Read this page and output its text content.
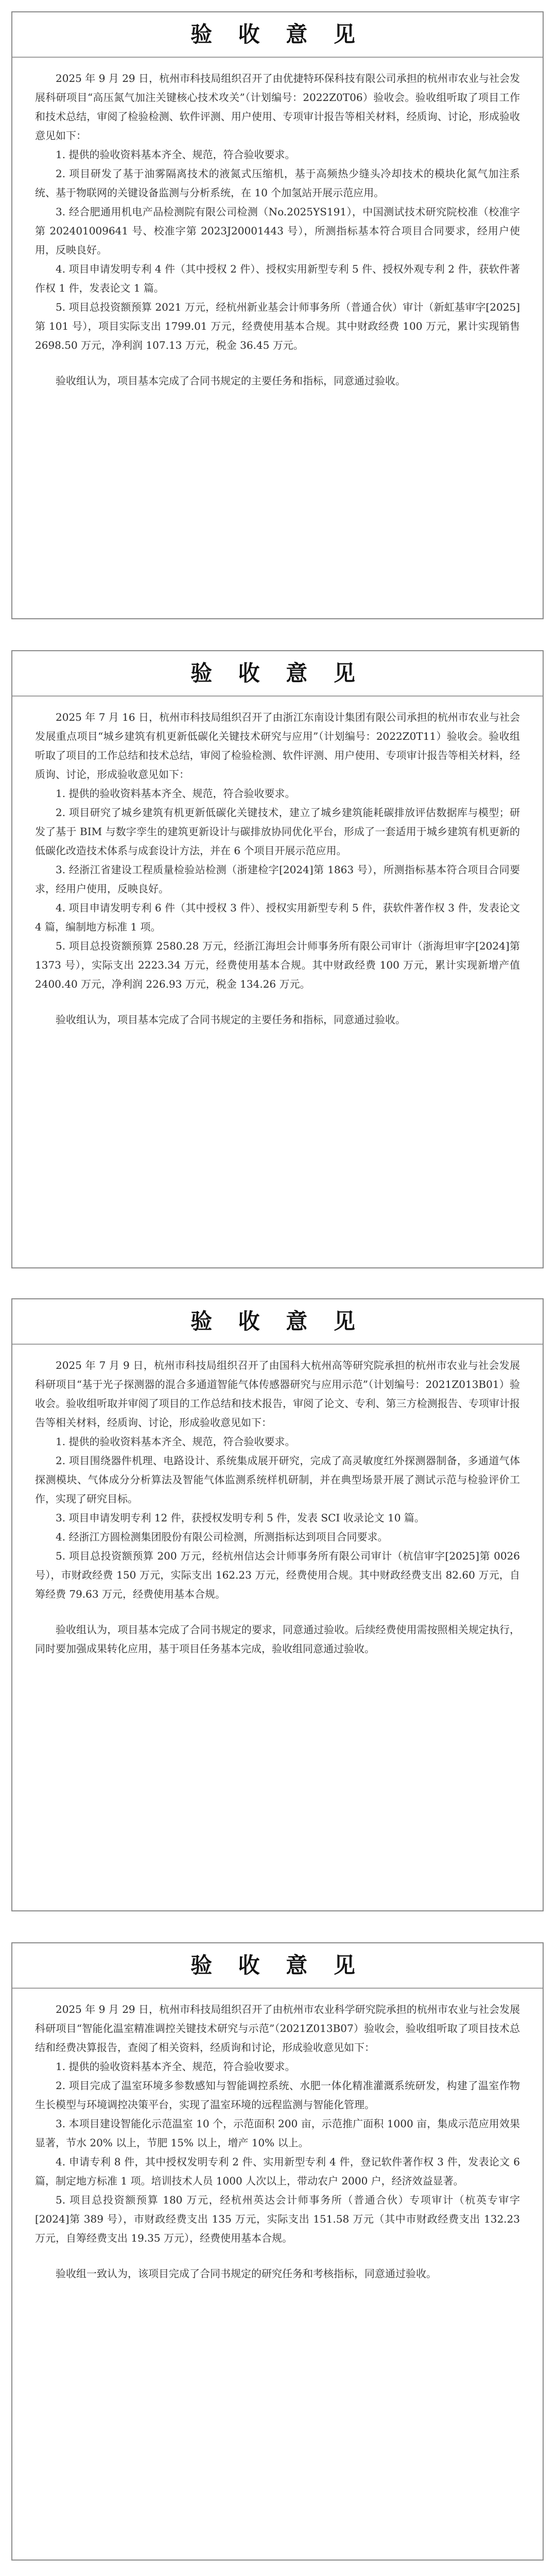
验 收 意 见

2025 年 9 月 29 日，杭州市科技局组织召开了由优捷特环保科技有限公司承担的杭州市农业与社会发展科研项目“高压氮气加注关键核心技术攻关”（计划编号：2022Z0T06）验收会。验收组听取了项目工作和技术总结，审阅了检验检测、软件评测、用户使用、专项审计报告等相关材料，经质询、讨论，形成验收意见如下：

1. 提供的验收资料基本齐全、规范，符合验收要求。

2. 项目研发了基于油雾隔离技术的液氮式压缩机，基于高频热少缝头冷却技术的模块化氮气加注系统、基于物联网的关键设备监测与分析系统，在 10 个加氢站开展示范应用。

3. 经合肥通用机电产品检测院有限公司检测（No.2025YS191），中国测试技术研究院校准（校准字第 202401009641 号、校准字第 2023J20001443 号），所测指标基本符合项目合同要求，经用户使用，反映良好。

4. 项目申请发明专利 4 件（其中授权 2 件）、授权实用新型专利 5 件、授权外观专利 2 件，获软件著作权 1 件，发表论文 1 篇。

5. 项目总投资额预算 2021 万元，经杭州新业基会计师事务所（普通合伙）审计（新虹基审字[2025]第 101 号），项目实际支出 1799.01 万元，经费使用基本合规。其中财政经费 100 万元，累计实现销售 2698.50 万元，净利润 107.13 万元，税金 36.45 万元。

验收组认为，项目基本完成了合同书规定的主要任务和指标，同意通过验收。

验 收 意 见

2025 年 7 月 16 日，杭州市科技局组织召开了由浙江东南设计集团有限公司承担的杭州市农业与社会发展重点项目“城乡建筑有机更新低碳化关键技术研究与应用”（计划编号：2022Z0T11）验收会。验收组听取了项目的工作总结和技术总结，审阅了检验检测、软件评测、用户使用、专项审计报告等相关材料，经质询、讨论，形成验收意见如下：

1. 提供的验收资料基本齐全、规范，符合验收要求。

2. 项目研究了城乡建筑有机更新低碳化关键技术，建立了城乡建筑能耗碳排放评估数据库与模型；研发了基于 BIM 与数字孪生的建筑更新设计与碳排放协同优化平台，形成了一套适用于城乡建筑有机更新的低碳化改造技术体系与成套设计方法，并在 6 个项目开展示范应用。

3. 经浙江省建设工程质量检验站检测（浙建检字[2024]第 1863 号），所测指标基本符合项目合同要求，经用户使用，反映良好。

4. 项目申请发明专利 6 件（其中授权 3 件）、授权实用新型专利 5 件，获软件著作权 3 件，发表论文 4 篇，编制地方标准 1 项。

5. 项目总投资额预算 2580.28 万元，经浙江海坦会计师事务所有限公司审计（浙海坦审字[2024]第 1373 号），实际支出 2223.34 万元，经费使用基本合规。其中财政经费 100 万元，累计实现新增产值 2400.40 万元，净利润 226.93 万元，税金 134.26 万元。

验收组认为，项目基本完成了合同书规定的主要任务和指标，同意通过验收。

验 收 意 见

2025 年 7 月 9 日，杭州市科技局组织召开了由国科大杭州高等研究院承担的杭州市农业与社会发展科研项目“基于光子探测器的混合多通道智能气体传感器研究与应用示范”（计划编号：2021Z013B01）验收会。验收组听取并审阅了项目的工作总结和技术报告，审阅了论文、专利、第三方检测报告、专项审计报告等相关材料，经质询、讨论，形成验收意见如下：

1. 提供的验收资料基本齐全、规范，符合验收要求。

2. 项目围绕器件机理、电路设计、系统集成展开研究，完成了高灵敏度红外探测器制备，多通道气体探测模块、气体成分分析算法及智能气体监测系统样机研制，并在典型场景开展了测试示范与检验评价工作，实现了研究目标。

3. 项目申请发明专利 12 件，获授权发明专利 5 件，发表 SCI 收录论文 10 篇。

4. 经浙江方圆检测集团股份有限公司检测，所测指标达到项目合同要求。

5. 项目总投资额预算 200 万元，经杭州信达会计师事务所有限公司审计（杭信审字[2025]第 0026 号），市财政经费 150 万元，实际支出 162.23 万元，经费使用合规。其中财政经费支出 82.60 万元，自筹经费 79.63 万元，经费使用基本合规。

验收组认为，项目基本完成了合同书规定的要求，同意通过验收。后续经费使用需按照相关规定执行，同时要加强成果转化应用，基于项目任务基本完成，验收组同意通过验收。

验 收 意 见

2025 年 9 月 29 日，杭州市科技局组织召开了由杭州市农业科学研究院承担的杭州市农业与社会发展科研项目“智能化温室精准调控关键技术研究与示范”（2021Z013B07）验收会，验收组听取了项目技术总结和经费决算报告，查阅了相关资料，经质询和讨论，形成验收意见如下：

1. 提供的验收资料基本齐全、规范，符合验收要求。

2. 项目完成了温室环境多参数感知与智能调控系统、水肥一体化精准灌溉系统研发，构建了温室作物生长模型与环境调控决策平台，实现了温室环境的远程监测与智能化管理。

3. 本项目建设智能化示范温室 10 个，示范面积 200 亩，示范推广面积 1000 亩，集成示范应用效果显著，节水 20% 以上，节肥 15% 以上，增产 10% 以上。

4. 申请专利 8 件，其中授权发明专利 2 件、实用新型专利 4 件，登记软件著作权 3 件，发表论文 6 篇，制定地方标准 1 项。培训技术人员 1000 人次以上，带动农户 2000 户，经济效益显著。

5. 项目总投资额预算 180 万元，经杭州英达会计师事务所（普通合伙）专项审计（杭英专审字[2024]第 389 号），市财政经费支出 135 万元，实际支出 151.58 万元（其中市财政经费支出 132.23 万元，自筹经费支出 19.35 万元），经费使用基本合规。

验收组一致认为，该项目完成了合同书规定的研究任务和考核指标，同意通过验收。
